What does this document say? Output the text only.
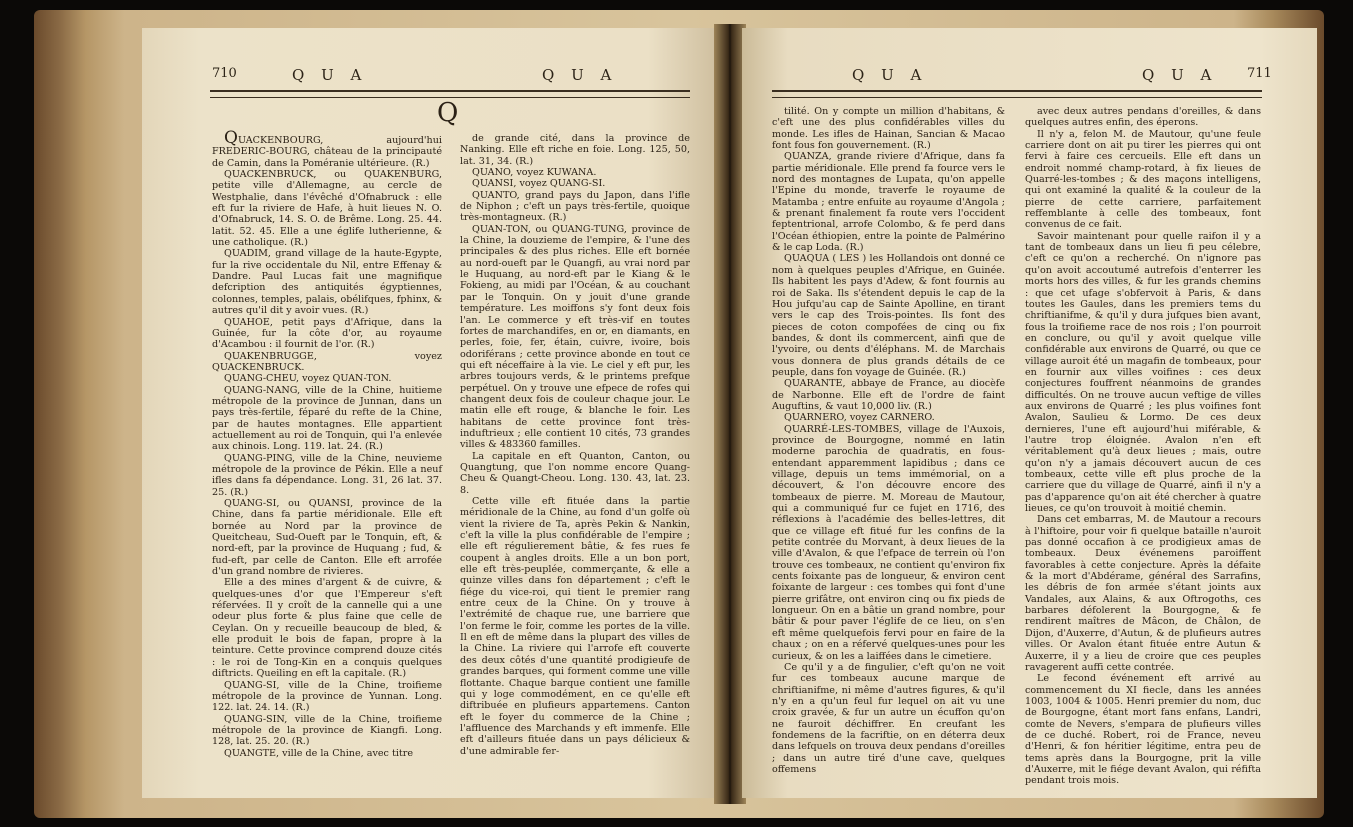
710	Q U A	Q U A
Q

QUACKENBOURG, aujourd'hui FREDERIC-BOURG, château de la principauté de Camin, dans la Poméranie ultérieure. (R.)

QUACKENBRUCK, ou QUAKENBURG, petite ville d'Allemagne, au cercle de Westphalie, dans l'évêché d'Ofnabruck : elle eft fur la riviere de Hafe, à huit lieues N. O. d'Ofnabruck, 14. S. O. de Brême. Long. 25. 44. latit. 52. 45. Elle a une églife lutherienne, & une catholique. (R.)

QUADIM, grand village de la haute-Egypte, fur la rive occidentale du Nil, entre Effenay & Dandre. Paul Lucas fait une magnifique defcription des antiquités égyptiennes, colonnes, temples, palais, obélifques, fphinx, & autres qu'il dit y avoir vues. (R.)

QUAHOE, petit pays d'Afrique, dans la Guinée, fur la côte d'or, au royaume d'Acambou : il fournit de l'or. (R.)

QUAKENBRUGGE, voyez QUACKENBRUCK.

QUANG-CHEU, voyez QUAN-TON.

QUANG-NANG, ville de la Chine, huitieme métropole de la province de Junnan, dans un pays très-fertile, féparé du refte de la Chine, par de hautes montagnes. Elle appartient actuellement au roi de Tonquin, qui l'a enlevée aux chinois. Long. 119. lat. 24. (R.)

QUANG-PING, ville de la Chine, neuvieme métropole de la province de Pékin. Elle a neuf ifles dans fa dépendance. Long. 31, 26 lat. 37. 25. (R.)

QUANG-SI, ou QUANSI, province de la Chine, dans fa partie méridionale. Elle eft bornée au Nord par la province de Queitcheau, Sud-Oueft par le Tonquin, eft, & nord-eft, par la province de Huquang ; fud, & fud-eft, par celle de Canton. Elle eft arrofée d'un grand nombre de rivieres.

Elle a des mines d'argent & de cuivre, & quelques-unes d'or que l'Empereur s'eft réfervées. Il y croît de la cannelle qui a une odeur plus forte & plus faine que celle de Ceylan. On y recueille beaucoup de bled, & elle produit le bois de fapan, propre à la teinture. Cette province comprend douze cités : le roi de Tong-Kin en a conquis quelques diftricts. Queiling en eft la capitale. (R.)

QUANG-SI, ville de la Chine, troifieme métropole de la province de Yunnan. Long. 122. lat. 24. 14. (R.)

QUANG-SIN, ville de la Chine, troifieme métropole de la province de Kiangfi. Long. 128, lat. 25. 20. (R.)

QUANGTE, ville de la Chine, avec titre

de grande cité, dans la province de Nanking. Elle eft riche en foie. Long. 125, 50, lat. 31, 34. (R.)

QUANO, voyez KUWANA.

QUANSI, voyez QUANG-SI.

QUANTO, grand pays du Japon, dans l'ifle de Niphon ; c'eft un pays très-fertile, quoique très-montagneux. (R.)

QUAN-TON, ou QUANG-TUNG, province de la Chine, la douzieme de l'empire, & l'une des principales & des plus riches. Elle eft bornée au nord-oueft par le Quangfi, au vrai nord par le Huquang, au nord-eft par le Kiang & le Fokieng, au midi par l'Océan, & au couchant par le Tonquin. On y jouit d'une grande température. Les moiffons s'y font deux fois l'an. Le commerce y eft très-vif en toutes fortes de marchandifes, en or, en diamants, en perles, foie, fer, étain, cuivre, ivoire, bois odoriférans ; cette province abonde en tout ce qui eft néceffaire à la vie. Le ciel y eft pur, les arbres toujours verds, & le printems prefque perpétuel. On y trouve une efpece de rofes qui changent deux fois de couleur chaque jour. Le matin elle eft rouge, & blanche le foir. Les habitans de cette province font très-induftrieux ; elle contient 10 cités, 73 grandes villes & 483360 familles.

La capitale en eft Quanton, Canton, ou Quangtung, que l'on nomme encore Quang-Cheu & Quangt-Cheou. Long. 130. 43, lat. 23. 8.

Cette ville eft fituée dans la partie méridionale de la Chine, au fond d'un golfe où vient la riviere de Ta, après Pekin & Nankin, c'eft la ville la plus confidérable de l'empire ; elle eft régulierement bâtie, & fes rues fe coupent à angles droits. Elle a un bon port, elle eft très-peuplée, commerçante, & elle a quinze villes dans fon département ; c'eft le fiége du vice-roi, qui tient le premier rang entre ceux de la Chine. On y trouve à l'extrémité de chaque rue, une barriere que l'on ferme le foir, comme les portes de la ville. Il en eft de même dans la plupart des villes de la Chine. La riviere qui l'arrofe eft couverte des deux côtés d'une quantité prodigieufe de grandes barques, qui forment comme une ville flottante. Chaque barque contient une famille qui y loge commodément, en ce qu'elle eft diftribuée en plufieurs appartemens. Canton eft le foyer du commerce de la Chine ; l'affluence des Marchands y eft immenfe. Elle eft d'ailleurs fituée dans un pays délicieux & d'une admirable fer-

Q U A	Q U A 711

tilité. On y compte un million d'habitans, & c'eft une des plus confidérables villes du monde. Les ifles de Hainan, Sancian & Macao font fous fon gouvernement. (R.)

QUANZA, grande riviere d'Afrique, dans fa partie méridionale. Elle prend fa fource vers le nord des montagnes de Lupata, qu'on appelle l'Epine du monde, traverfe le royaume de Matamba ; entre enfuite au royaume d'Angola ; & prenant finalement fa route vers l'occident feptentrional, arrofe Colombo, & fe perd dans l'Océan éthiopien, entre la pointe de Palmérino & le cap Loda. (R.)

QUAQUA ( LES ) les Hollandois ont donné ce nom à quelques peuples d'Afrique, en Guinée. Ils habitent les pays d'Adew, & font fournis au roi de Saka. Ils s'étendent depuis le cap de la Hou jufqu'au cap de Sainte Apolline, en tirant vers le cap des Trois-pointes. Ils font des pieces de coton compofées de cinq ou fix bandes, & dont ils commercent, ainfi que de l'yvoire, ou dents d'éléphans. M. de Marchais vous donnera de plus grands détails de ce peuple, dans fon voyage de Guinée. (R.)

QUARANTE, abbaye de France, au diocèfe de Narbonne. Elle eft de l'ordre de faint Auguftins, & vaut 10,000 liv. (R.)

QUARNERO, voyez CARNERO.

QUARRÉ-LES-TOMBES, village de l'Auxois, province de Bourgogne, nommé en latin moderne parochia de quadratis, en fous-entendant apparemment lapidibus ; dans ce village, depuis un tems immémorial, on a découvert, & l'on découvre encore des tombeaux de pierre. M. Moreau de Mautour, qui a communiqué fur ce fujet en 1716, des réflexions à l'académie des belles-lettres, dit que ce village eft fitué fur les confins de la petite contrée du Morvant, à deux lieues de la ville d'Avalon, & que l'efpace de terrein où l'on trouve ces tombeaux, ne contient qu'environ fix cents foixante pas de longueur, & environ cent foixante de largeur : ces tombes qui font d'une pierre grifâtre, ont environ cinq ou fix pieds de longueur. On en a bâtie un grand nombre, pour bâtir & pour paver l'églife de ce lieu, on s'en eft même quelquefois fervi pour en faire de la chaux ; on en a réfervé quelques-unes pour les curieux, & on les a laiffées dans le cimetiere.

Ce qu'il y a de fingulier, c'eft qu'on ne voit fur ces tombeaux aucune marque de chriftianifme, ni même d'autres figures, & qu'il n'y en a qu'un feul fur lequel on ait vu une croix gravée, & fur un autre un écuffon qu'on ne fauroit déchiffrer. En creufant les fondemens de la facriftie, on en déterra deux dans lefquels on trouva deux pendans d'oreilles ; dans un autre tiré d'une cave, quelques offemens

avec deux autres pendans d'oreilles, & dans quelques autres enfin, des éperons.

Il n'y a, felon M. de Mautour, qu'une feule carriere dont on ait pu tirer les pierres qui ont fervi à faire ces cercueils. Elle eft dans un endroit nommé champ-rotard, à fix lieues de Quarré-les-tombes ; & des maçons intelligens, qui ont examiné la qualité & la couleur de la pierre de cette carriere, parfaitement reffemblante à celle des tombeaux, font convenus de ce fait.

Savoir maintenant pour quelle raifon il y a tant de tombeaux dans un lieu fi peu célebre, c'eft ce qu'on a recherché. On n'ignore pas qu'on avoit accoutumé autrefois d'enterrer les morts hors des villes, & fur les grands chemins : que cet ufage s'obfervoit à Paris, & dans toutes les Gaules, dans les premiers tems du chriftianifme, & qu'il y dura jufques bien avant, fous la troifieme race de nos rois ; l'on pourroit en conclure, ou qu'il y avoit quelque ville confidérable aux environs de Quarré, ou que ce village auroit été un magafin de tombeaux, pour en fournir aux villes voifines : ces deux conjectures fouffrent néanmoins de grandes difficultés. On ne trouve aucun veftige de villes aux environs de Quarré ; les plus voifines font Avalon, Saulieu & Lormo. De ces deux dernieres, l'une eft aujourd'hui miférable, & l'autre trop éloignée. Avalon n'en eft véritablement qu'à deux lieues ; mais, outre qu'on n'y a jamais découvert aucun de ces tombeaux, cette ville eft plus proche de la carriere que du village de Quarré, ainfi il n'y a pas d'apparence qu'on ait été chercher à quatre lieues, ce qu'on trouvoit à moitié chemin.

Dans cet embarras, M. de Mautour a recours à l'hiftoire, pour voir fi quelque bataille n'auroit pas donné occafion à ce prodigieux amas de tombeaux. Deux événemens paroiffent favorables à cette conjecture. Après la défaite & la mort d'Abdérame, général des Sarrafins, les débris de fon armée s'étant joints aux Vandales, aux Alains, & aux Oftrogoths, ces barbares défolerent la Bourgogne, & fe rendirent maîtres de Mâcon, de Châlon, de Dijon, d'Auxerre, d'Autun, & de plufieurs autres villes. Or Avalon étant fituée entre Autun & Auxerre, il y a lieu de croire que ces peuples ravagerent auffi cette contrée.

Le fecond événement eft arrivé au commencement du XI fiecle, dans les années 1003, 1004 & 1005. Henri premier du nom, duc de Bourgogne, étant mort fans enfans, Landri, comte de Nevers, s'empara de plufieurs villes de ce duché. Robert, roi de France, neveu d'Henri, & fon héritier légitime, entra peu de tems après dans la Bourgogne, prit la ville d'Auxerre, mit le fiége devant Avalon, qui réfifta pendant trois mois.
